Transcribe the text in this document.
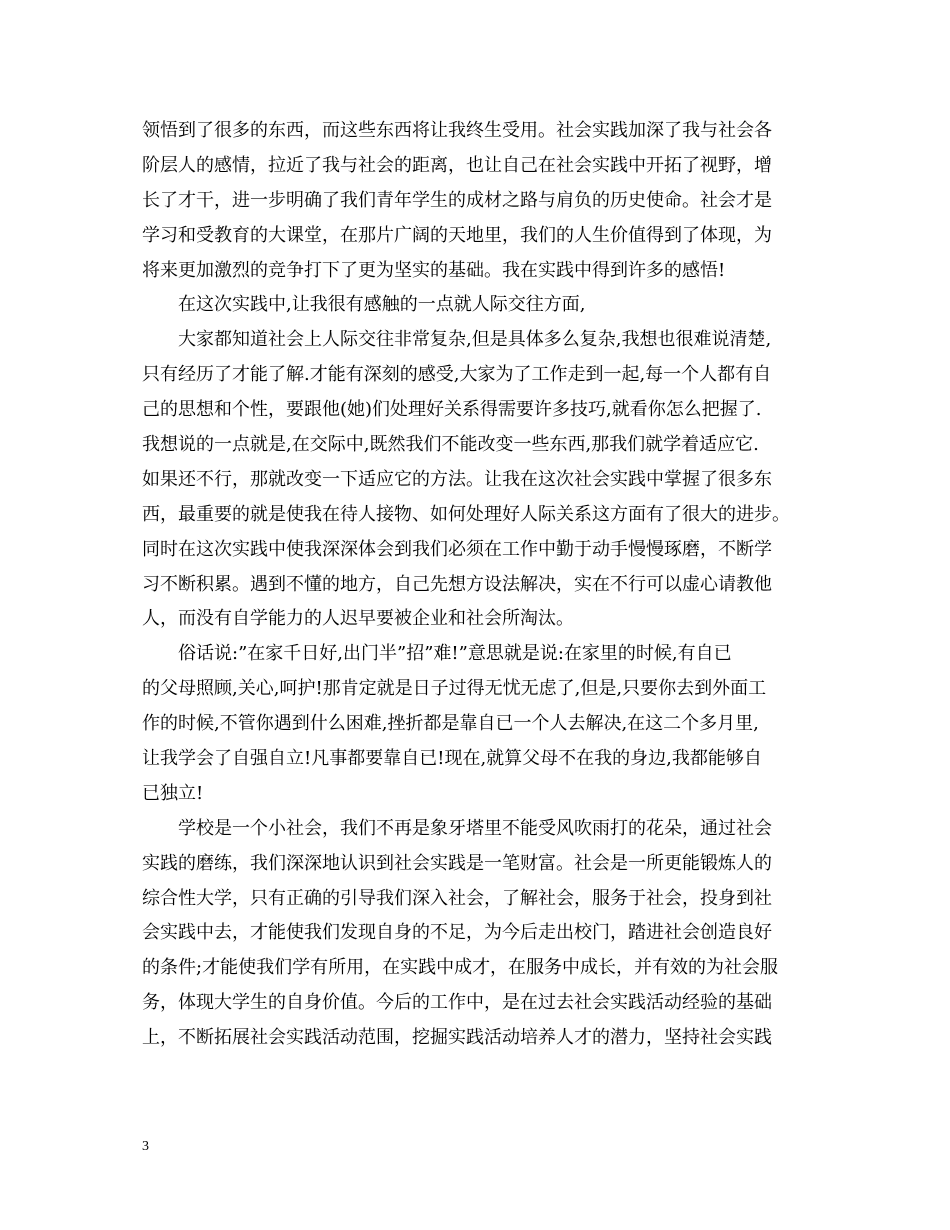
领悟到了很多的东西，而这些东西将让我终生受用。社会实践加深了我与社会各
阶层人的感情，拉近了我与社会的距离，也让自己在社会实践中开拓了视野，增
长了才干，进一步明确了我们青年学生的成材之路与肩负的历史使命。社会才是
学习和受教育的大课堂，在那片广阔的天地里，我们的人生价值得到了体现，为
将来更加激烈的竞争打下了更为坚实的基础。我在实践中得到许多的感悟!
在这次实践中,让我很有感触的一点就人际交往方面,
大家都知道社会上人际交往非常复杂,但是具体多么复杂,我想也很难说清楚,
只有经历了才能了解.才能有深刻的感受,大家为了工作走到一起,每一个人都有自
己的思想和个性，要跟他(她)们处理好关系得需要许多技巧,就看你怎么把握了.
我想说的一点就是,在交际中,既然我们不能改变一些东西,那我们就学着适应它.
如果还不行，那就改变一下适应它的方法。让我在这次社会实践中掌握了很多东
西，最重要的就是使我在待人接物、如何处理好人际关系这方面有了很大的进步。
同时在这次实践中使我深深体会到我们必须在工作中勤于动手慢慢琢磨，不断学
习不断积累。遇到不懂的地方，自己先想方设法解决，实在不行可以虚心请教他
人，而没有自学能力的人迟早要被企业和社会所淘汰。
俗话说:”在家千日好,出门半”招”难!”意思就是说:在家里的时候,有自已
的父母照顾,关心,呵护!那肯定就是日子过得无忧无虑了,但是,只要你去到外面工
作的时候,不管你遇到什么困难,挫折都是靠自已一个人去解决,在这二个多月里,
让我学会了自强自立!凡事都要靠自已!现在,就算父母不在我的身边,我都能够自
已独立!
学校是一个小社会，我们不再是象牙塔里不能受风吹雨打的花朵，通过社会
实践的磨练，我们深深地认识到社会实践是一笔财富。社会是一所更能锻炼人的
综合性大学，只有正确的引导我们深入社会，了解社会，服务于社会，投身到社
会实践中去，才能使我们发现自身的不足，为今后走出校门，踏进社会创造良好
的条件;才能使我们学有所用，在实践中成才，在服务中成长，并有效的为社会服
务，体现大学生的自身价值。今后的工作中，是在过去社会实践活动经验的基础
上，不断拓展社会实践活动范围，挖掘实践活动培养人才的潜力，坚持社会实践
3
